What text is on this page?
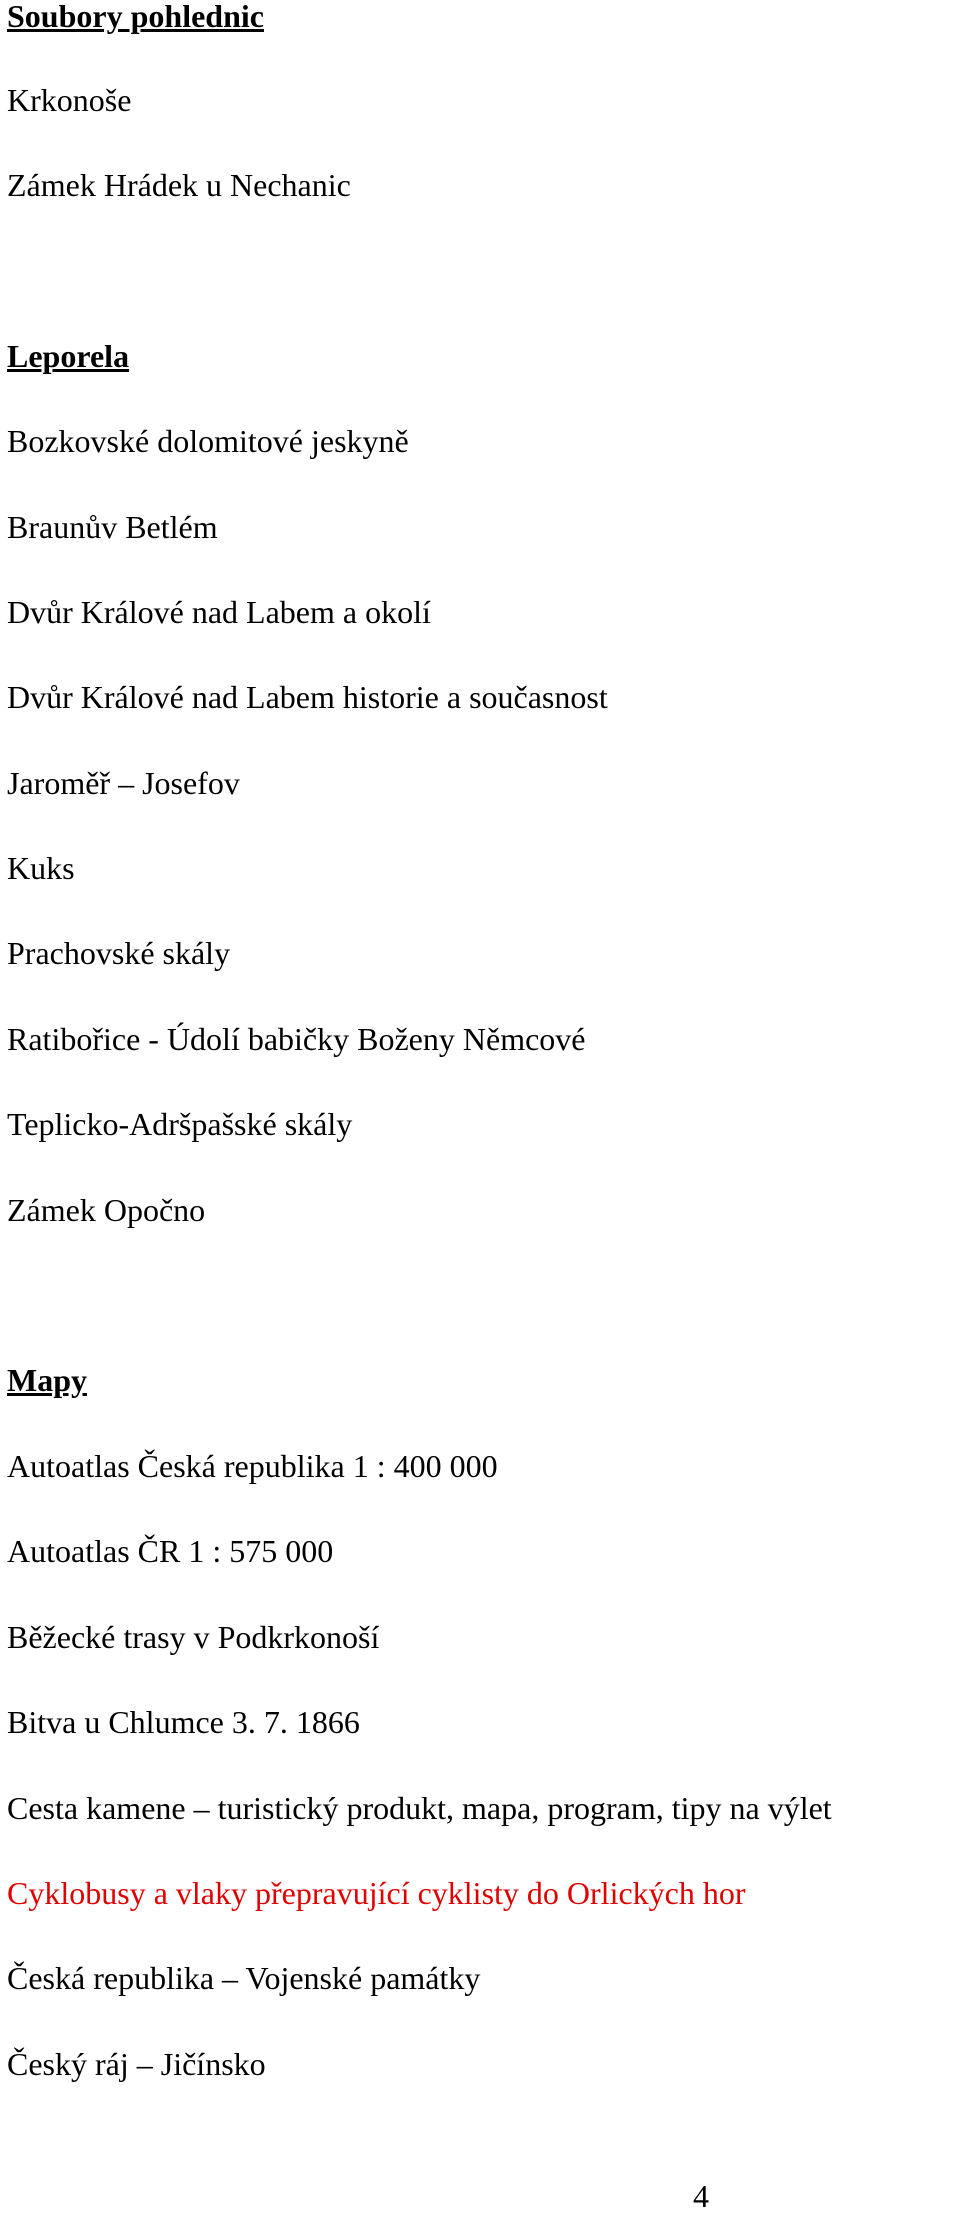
Soubory pohlednic
Krkonoše
Zámek Hrádek u Nechanic
Leporela
Bozkovské dolomitové jeskyně
Braunův Betlém
Dvůr Králové nad Labem a okolí
Dvůr Králové nad Labem historie a současnost
Jaroměř – Josefov
Kuks
Prachovské skály
Ratibořice - Údolí babičky Boženy Němcové
Teplicko-Adršpašské skály
Zámek Opočno
Mapy
Autoatlas Česká republika 1 : 400 000
Autoatlas ČR 1 : 575 000
Běžecké trasy v Podkrkonoší
Bitva u Chlumce 3. 7. 1866
Cesta kamene – turistický produkt, mapa, program, tipy na výlet
Cyklobusy a vlaky přepravující cyklisty do Orlických hor
Česká republika – Vojenské památky
Český ráj – Jičínsko
4
